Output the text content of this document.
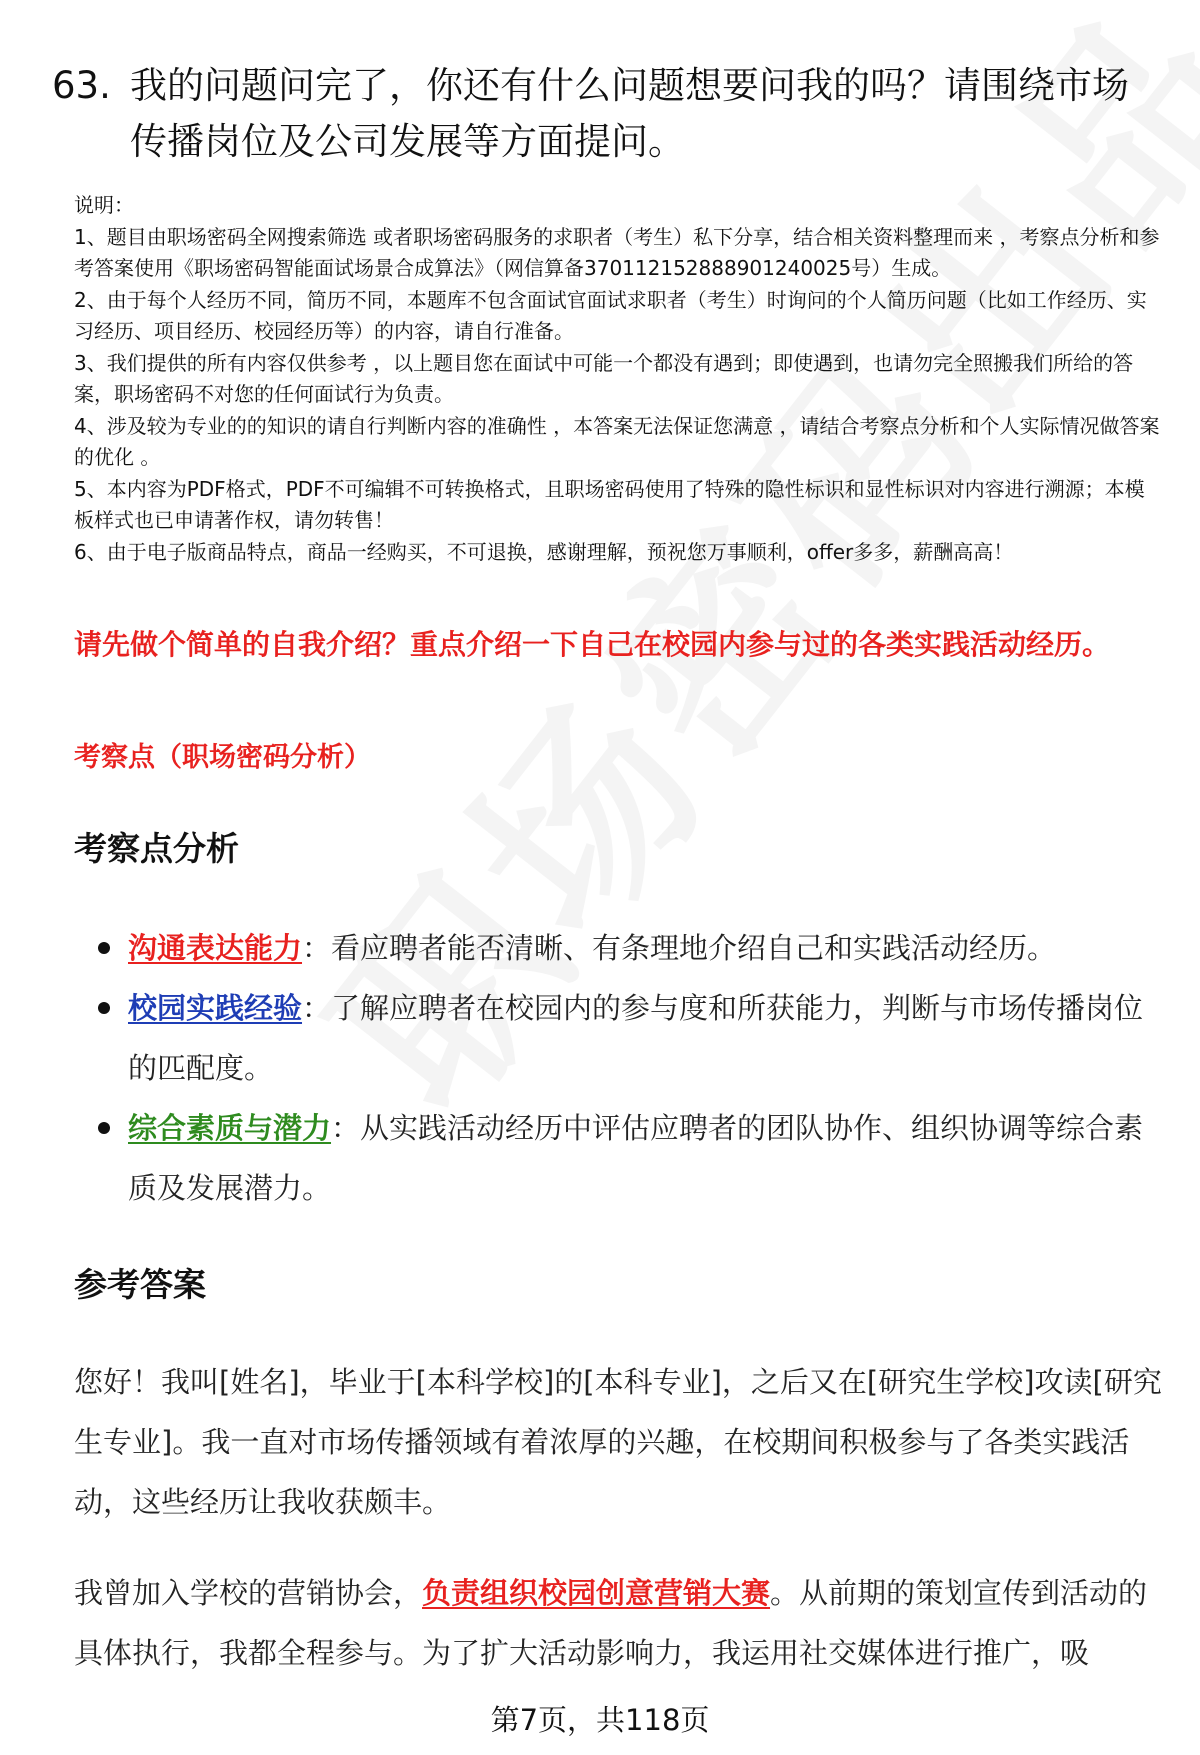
63. 我的问题问完了，你还有什么问题想要问我的吗？请围绕市场传播岗位及公司发展等方面提问。

说明：

1、题目由职场密码全网搜索筛选 或者职场密码服务的求职者（考生）私下分享，结合相关资料整理而来 ，考察点分析和参考答案使用《职场密码智能面试场景合成算法》（网信算备370112152888901240025号）生成。

2、由于每个人经历不同，简历不同，本题库不包含面试官面试求职者（考生）时询问的个人简历问题（比如工作经历、实习经历、项目经历、校园经历等）的内容，请自行准备。

3、我们提供的所有内容仅供参考 ，以上题目您在面试中可能一个都没有遇到；即使遇到，也请勿完全照搬我们所给的答案，职场密码不对您的任何面试行为负责。

4、涉及较为专业的的知识的请自行判断内容的准确性 ，本答案无法保证您满意 ，请结合考察点分析和个人实际情况做答案的优化 。

5、本内容为PDF格式，PDF不可编辑不可转换格式，且职场密码使用了特殊的隐性标识和显性标识对内容进行溯源；本模板样式也已申请著作权，请勿转售！

6、由于电子版商品特点，商品一经购买，不可退换，感谢理解，预祝您万事顺利，offer多多，薪酬高高！

请先做个简单的自我介绍？重点介绍一下自己在校园内参与过的各类实践活动经历。
考察点（职场密码分析）
考察点分析
沟通表达能力：看应聘者能否清晰、有条理地介绍自己和实践活动经历。
校园实践经验：了解应聘者在校园内的参与度和所获能力，判断与市场传播岗位的匹配度。
综合素质与潜力：从实践活动经历中评估应聘者的团队协作、组织协调等综合素质及发展潜力。
参考答案

您好！我叫[姓名]，毕业于[本科学校]的[本科专业]，之后又在[研究生学校]攻读[研究生专业]。我一直对市场传播领域有着浓厚的兴趣，在校期间积极参与了各类实践活动，这些经历让我收获颇丰。

我曾加入学校的营销协会，负责组织校园创意营销大赛。从前期的策划宣传到活动的具体执行，我都全程参与。为了扩大活动影响力，我运用社交媒体进行推广，吸

第7页，共118页
